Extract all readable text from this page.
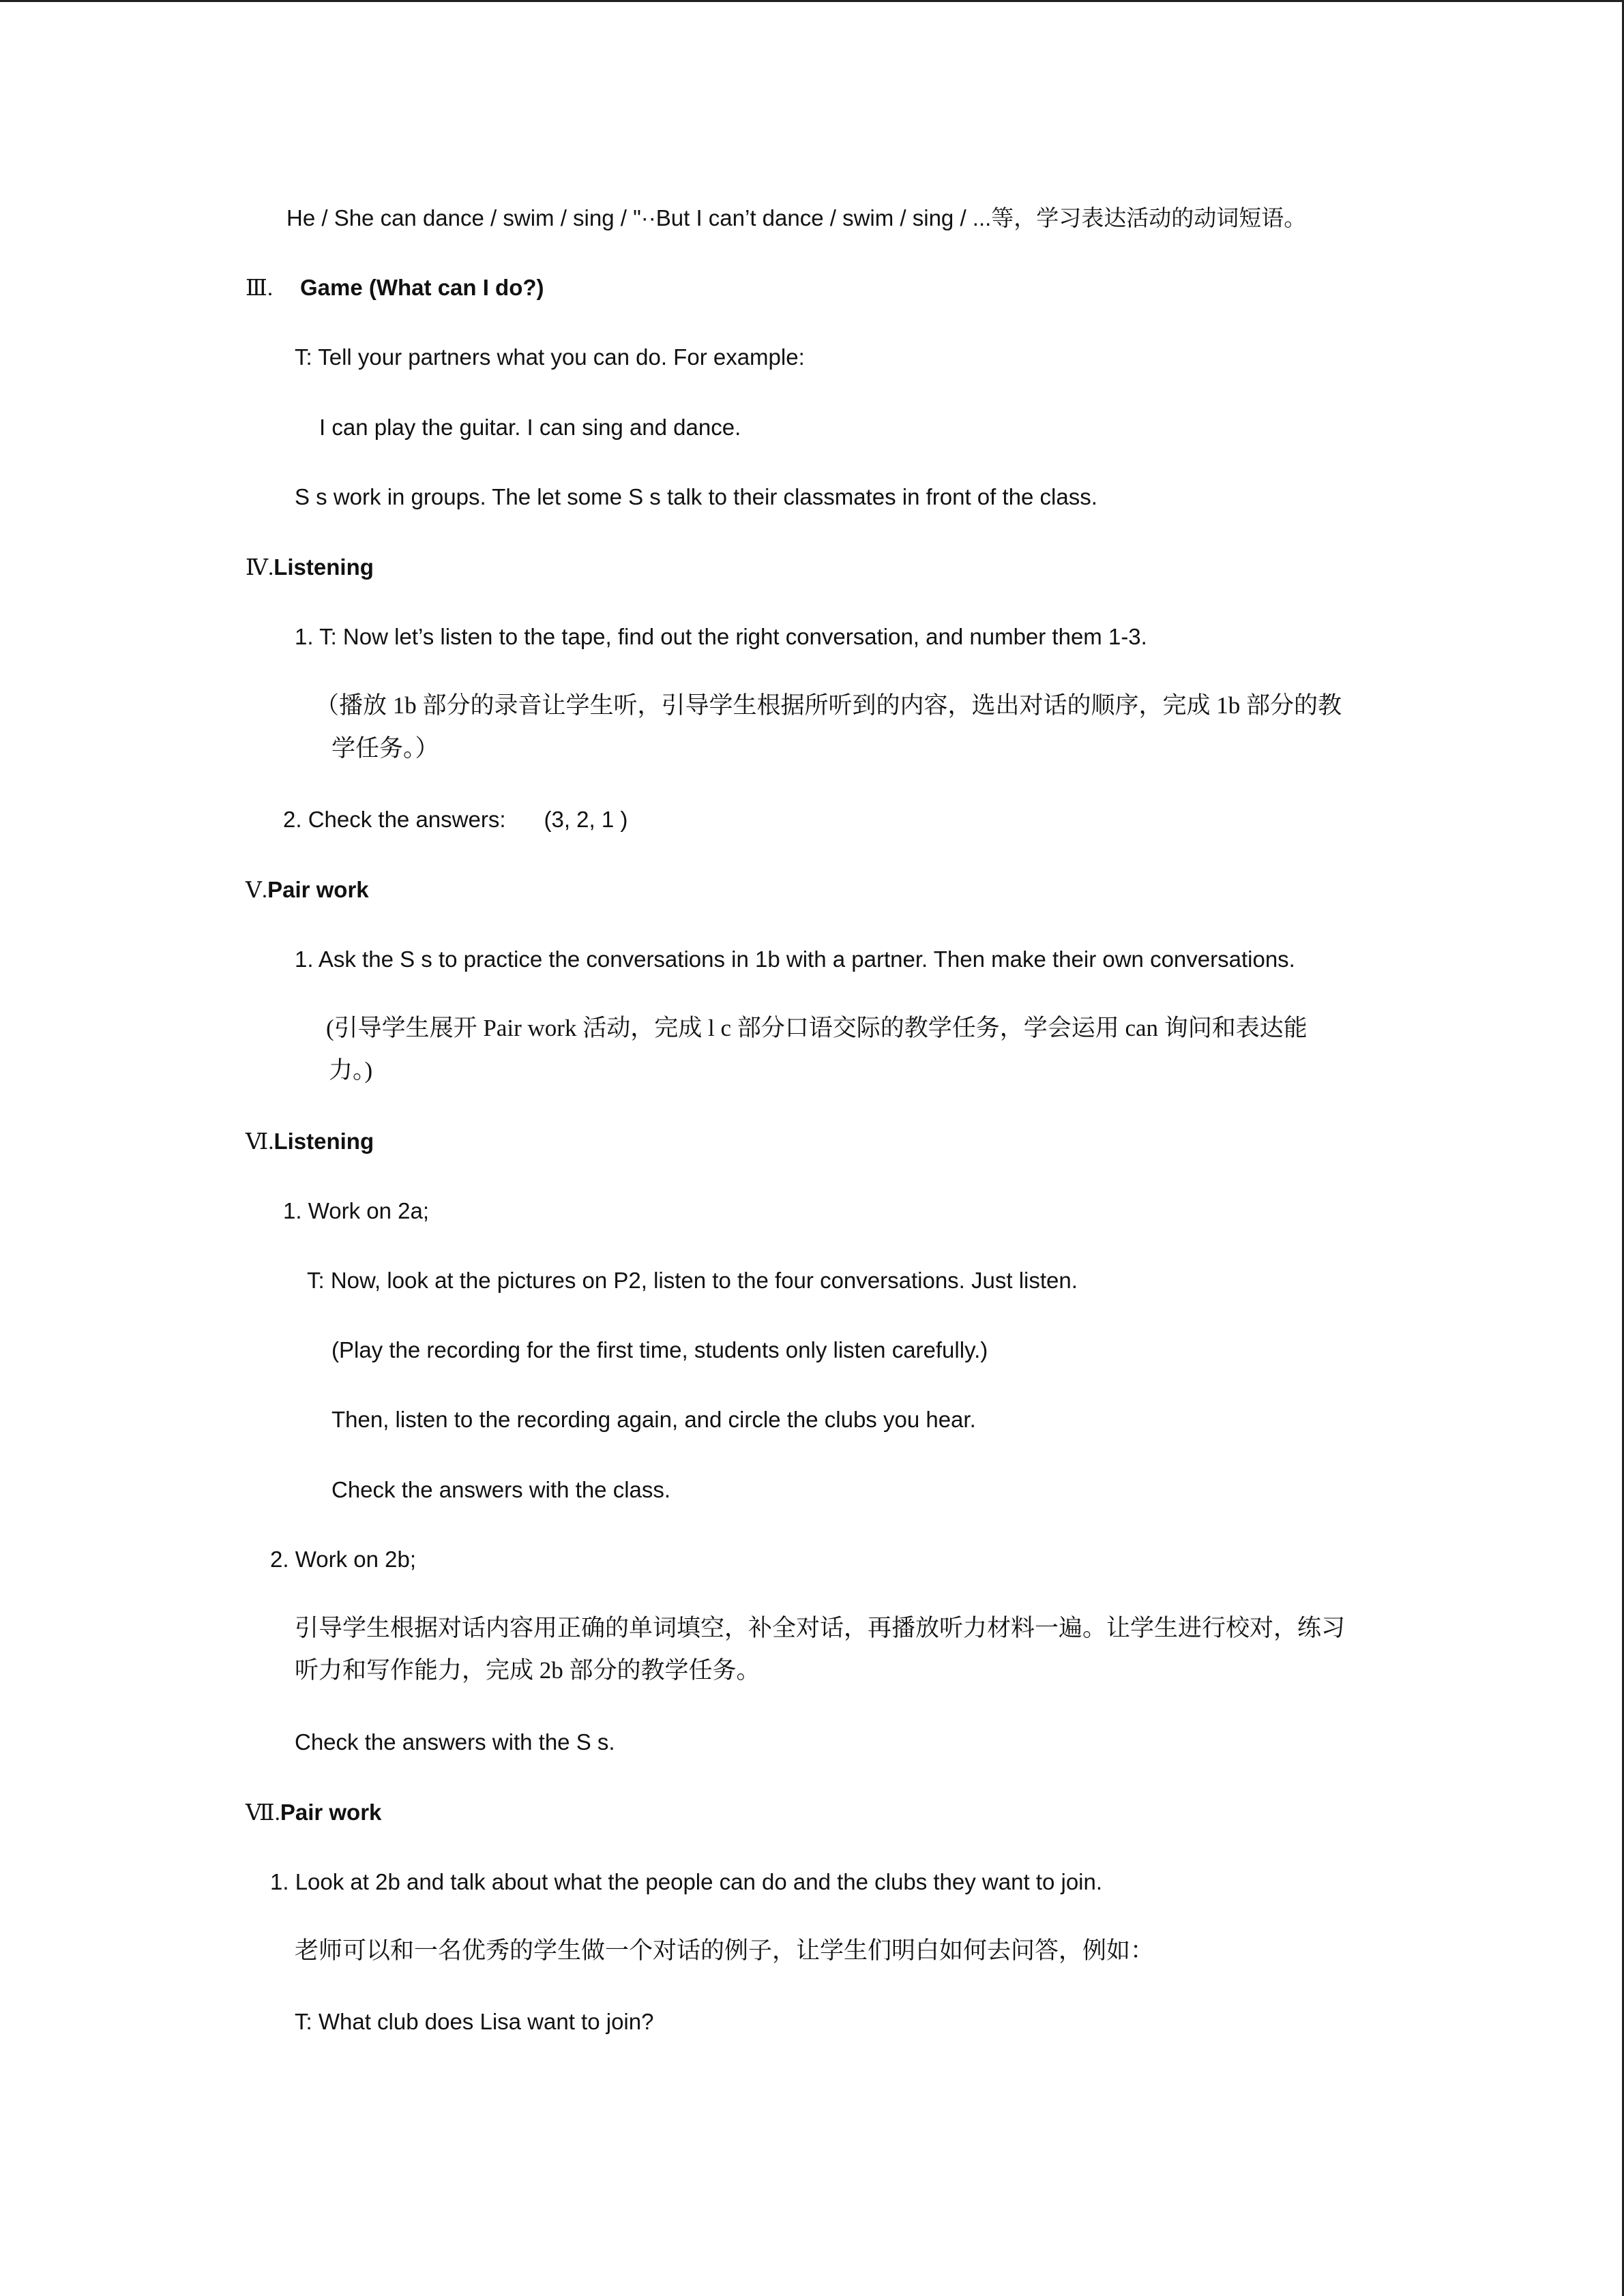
He / She can dance / swim / sing / "··But I can’t dance / swim / sing / ...等，学习表达活动的动词短语。
Ⅲ. Game (What can I do?)
T: Tell your partners what you can do. For example:
I can play the guitar. I can sing and dance.
S s work in groups. The let some S s talk to their classmates in front of the class.
Ⅳ.Listening
1. T: Now let’s listen to the tape, find out the right conversation, and number them 1-3.
（播放 1b 部分的录音让学生听，引导学生根据所听到的内容，选出对话的顺序，完成 1b 部分的教
学任务。）
2. Check the answers: (3, 2, 1 )
Ⅴ.Pair work
1. Ask the S s to practice the conversations in 1b with a partner. Then make their own conversations.
(引导学生展开 Pair work 活动，完成 l c 部分口语交际的教学任务，学会运用 can 询问和表达能
力。)
Ⅵ.Listening
1. Work on 2a;
T: Now, look at the pictures on P2, listen to the four conversations. Just listen.
(Play the recording for the first time, students only listen carefully.)
Then, listen to the recording again, and circle the clubs you hear.
Check the answers with the class.
2. Work on 2b;
引导学生根据对话内容用正确的单词填空，补全对话，再播放听力材料一遍。让学生进行校对，练习
听力和写作能力，完成 2b 部分的教学任务。
Check the answers with the S s.
Ⅶ.Pair work
1. Look at 2b and talk about what the people can do and the clubs they want to join.
老师可以和一名优秀的学生做一个对话的例子，让学生们明白如何去问答，例如：
T: What club does Lisa want to join?
